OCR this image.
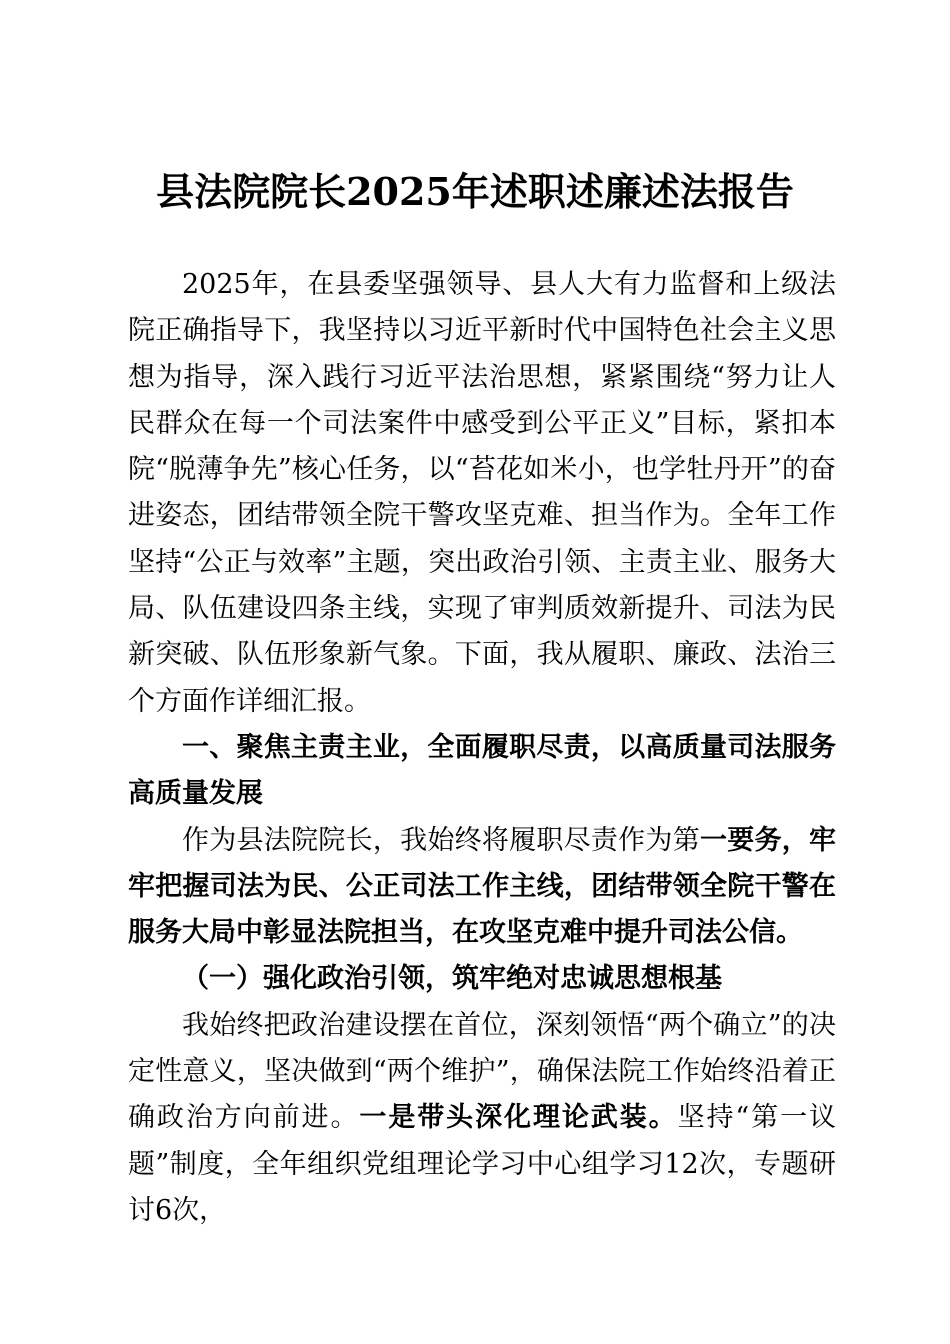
县法院院长2025年述职述廉述法报告

2025年，在县委坚强领导、县人大有力监督和上级法院正确指导下，我坚持以习近平新时代中国特色社会主义思想为指导，深入践行习近平法治思想，紧紧围绕“努力让人民群众在每一个司法案件中感受到公平正义”目标，紧扣本院“脱薄争先”核心任务，以“苔花如米小，也学牡丹开”的奋进姿态，团结带领全院干警攻坚克难、担当作为。全年工作坚持“公正与效率”主题，突出政治引领、主责主业、服务大局、队伍建设四条主线，实现了审判质效新提升、司法为民新突破、队伍形象新气象。下面，我从履职、廉政、法治三个方面作详细汇报。

一、聚焦主责主业，全面履职尽责，以高质量司法服务高质量发展

作为县法院院长，我始终将履职尽责作为第一要务，牢牢把握司法为民、公正司法工作主线，团结带领全院干警在服务大局中彰显法院担当，在攻坚克难中提升司法公信。

（一）强化政治引领，筑牢绝对忠诚思想根基

我始终把政治建设摆在首位，深刻领悟“两个确立”的决定性意义，坚决做到“两个维护”，确保法院工作始终沿着正确政治方向前进。一是带头深化理论武装。坚持“第一议题”制度，全年组织党组理论学习中心组学习12次，专题研讨6次，
